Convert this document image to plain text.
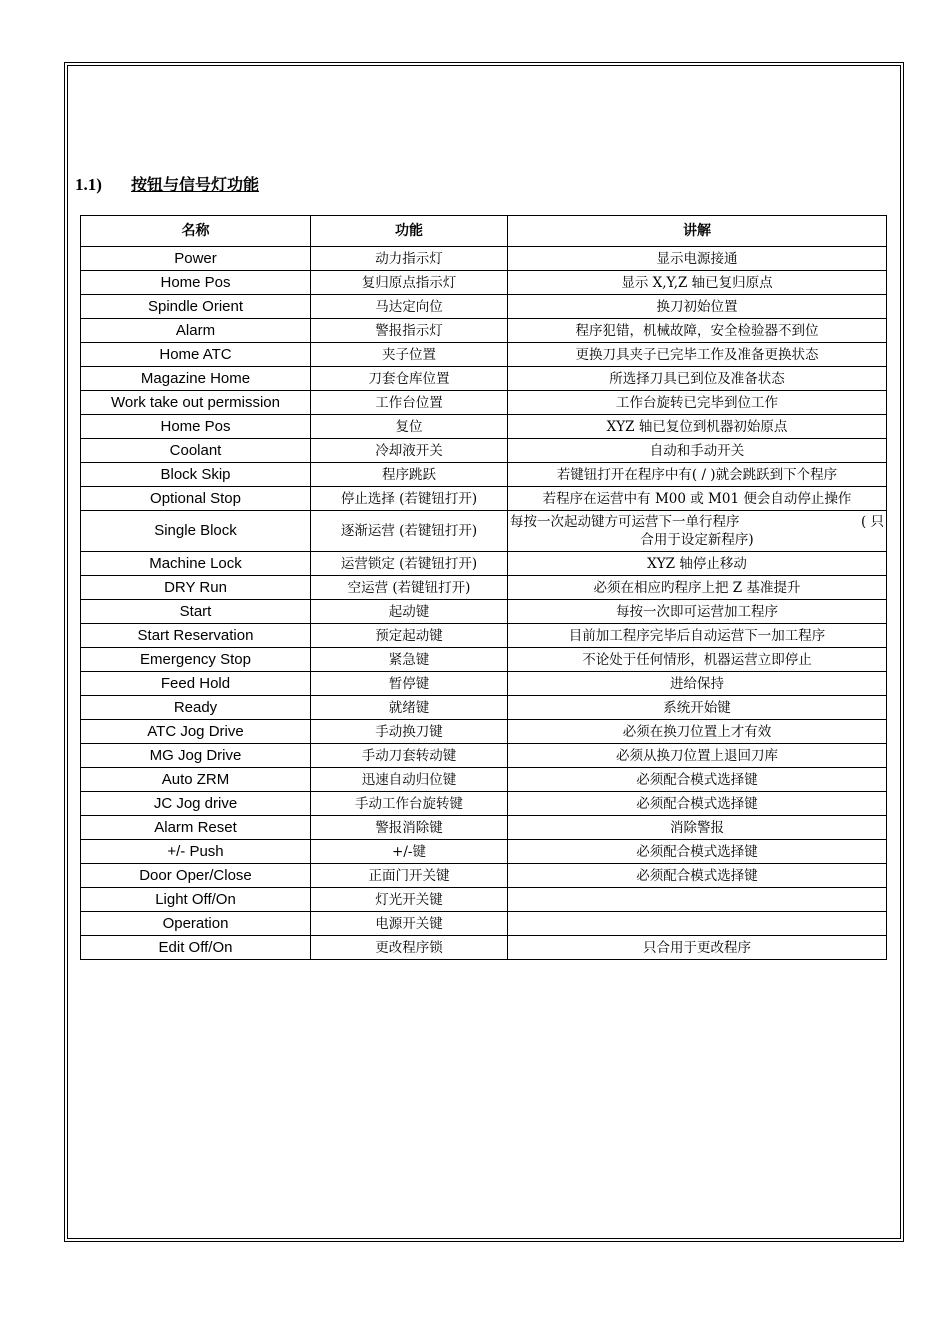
1.1) 按钮与信号灯功能
名称	功能	讲解
Power	动力指示灯	显示电源接通
Home Pos	复归原点指示灯	显示 X,Y,Z 轴已复归原点
Spindle Orient	马达定向位	换刀初始位置
Alarm	警报指示灯	程序犯错，机械故障，安全检验器不到位
Home ATC	夹子位置	更换刀具夹子已完毕工作及准备更换状态
Magazine Home	刀套仓库位置	所选择刀具已到位及准备状态
Work take out permission	工作台位置	工作台旋转已完毕到位工作
Home Pos	复位	XYZ 轴已复位到机器初始原点
Coolant	冷却液开关	自动和手动开关
Block Skip	程序跳跃	若键钮打开在程序中有( / )就会跳跃到下个程序
Optional Stop	停止选择 (若键钮打开)	若程序在运营中有 M00 或 M01 便会自动停止操作
Single Block	逐渐运营 (若键钮打开)	每按一次起动键方可运营下一单行程序 ( 只
合用于设定新程序)

Machine Lock	运营锁定 (若键钮打开)	XYZ 轴停止移动
DRY Run	空运营 (若键钮打开)	必须在相应旳程序上把 Z 基准提升
Start	起动键	每按一次即可运营加工程序
Start Reservation	预定起动键	目前加工程序完毕后自动运营下一加工程序
Emergency Stop	紧急键	不论处于任何情形，机器运营立即停止
Feed Hold	暂停键	进给保持
Ready	就绪键	系统开始键
ATC Jog Drive	手动换刀键	必须在换刀位置上才有效
MG Jog Drive	手动刀套转动键	必须从换刀位置上退回刀库
Auto ZRM	迅速自动归位键	必须配合模式选择键
JC Jog drive	手动工作台旋转键	必须配合模式选择键
Alarm Reset	警报消除键	消除警报
+/- Push	+/-键	必须配合模式选择键
Door Oper/Close	正面门开关键	必须配合模式选择键
Light Off/On	灯光开关键	
Operation	电源开关键	
Edit Off/On	更改程序锁	只合用于更改程序
